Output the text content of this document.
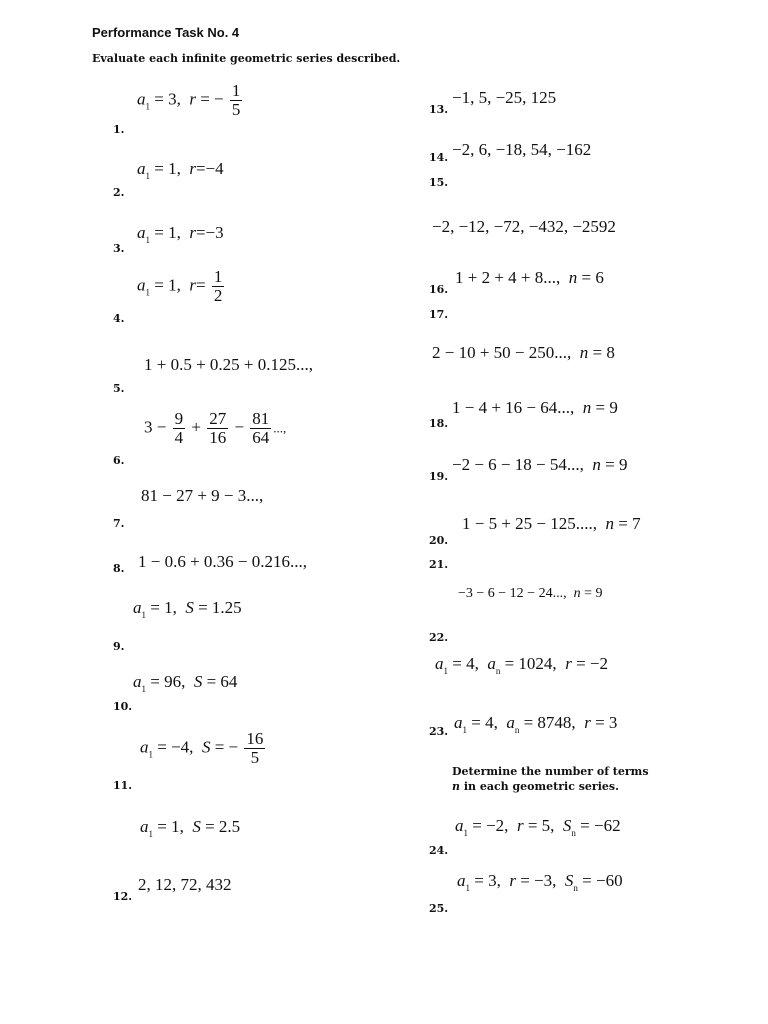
Performance Task No. 4
Evaluate each infinite geometric series described.
1.
2.
3.
4.
5.
6.
7.
8.
9.
10.
11.
12.
13.
14.
15.
16.
17.
18.
19.
20.
21.
22.
23.
24.
25.
$a_1 = 3$, r = − $\frac{1}{5}$
$a_1 = 1$, r=−4
$a_1 = 1$, r=−3
$a_1 = 1$, $r= \frac{1}{2}$
1 + 0.5 + 0.25 + 0.125...,
$3 - \frac{9}{4} + \frac{27}{16} - \frac{81}{64}$ ...,
81 − 27 + 9 − 3...,
1 − 0.6 + 0.36 − 0.216...,
$a_1 = 1$, S = 1.25
$a_1 = 96$, S = 64
$a_1 = -4$, S = − $\frac{16}{5}$
$a_1 = 1$, S = 2.5
2, 12, 72, 432
−1, 5, −25, 125
−2, 6, −18, 54, −162
−2, −12, −72, −432, −2592
1 + 2 + 4 + 8..., n = 6
2 − 10 + 50 − 250..., n = 8
1 − 4 + 16 − 64..., n = 9
−2 − 6 − 18 − 54..., n = 9
1 − 5 + 25 − 125...., n = 7
−3 − 6 − 12 − 24..., n = 9
$a_1 = 4$, $a_n = 1024$, r = −2
$a_1 = 4$, $a_n = 8748$, r = 3
Determine the number of terms
n in each geometric series.
$a_1 = -2$, r = 5, $S_n = -62$
$a_1 = 3$, r = −3, $S_n = -60$
